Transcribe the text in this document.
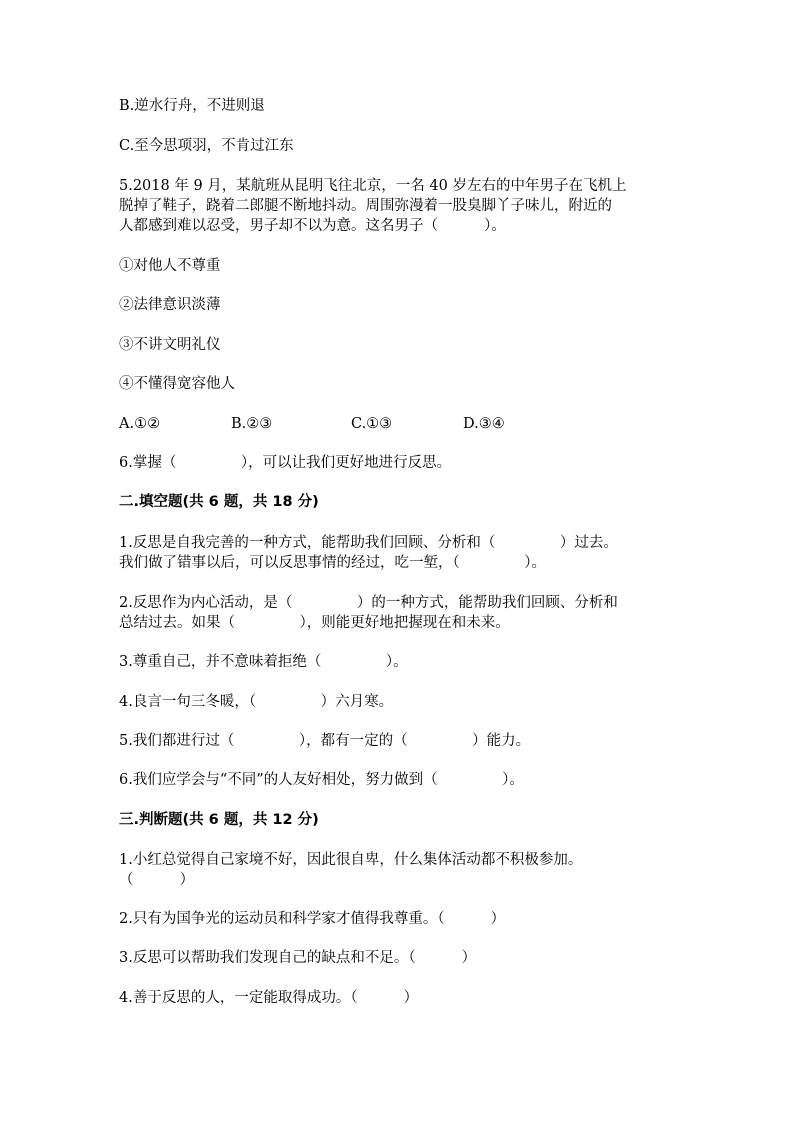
B.逆水行舟，不进则退
C.至今思项羽，不肯过江东
5.2018 年 9 月，某航班从昆明飞往北京，一名 40 岁左右的中年男子在飞机上
脱掉了鞋子，跷着二郎腿不断地抖动。周围弥漫着一股臭脚丫子味儿，附近的
人都感到难以忍受，男子却不以为意。这名男子（          ）。
①对他人不尊重
②法律意识淡薄
③不讲文明礼仪
④不懂得宽容他人
A.①②	B.②③	C.①③	D.③④
6.掌握（              ），可以让我们更好地进行反思。
二.填空题(共 6 题，共 18 分)
1.反思是自我完善的一种方式，能帮助我们回顾、分析和（              ）过去。
我们做了错事以后，可以反思事情的经过，吃一堑，（              ）。
2.反思作为内心活动，是（              ）的一种方式，能帮助我们回顾、分析和
总结过去。如果（              ），则能更好地把握现在和未来。
3.尊重自己，并不意味着拒绝（              ）。
4.良言一句三冬暖，（              ）六月寒。
5.我们都进行过（              ），都有一定的（              ）能力。
6.我们应学会与“不同”的人友好相处，努力做到（              ）。
三.判断题(共 6 题，共 12 分)
1.小红总觉得自己家境不好，因此很自卑，什么集体活动都不积极参加。
（          ）
2.只有为国争光的运动员和科学家才值得我尊重。（          ）
3.反思可以帮助我们发现自己的缺点和不足。（          ）
4.善于反思的人，一定能取得成功。（          ）
